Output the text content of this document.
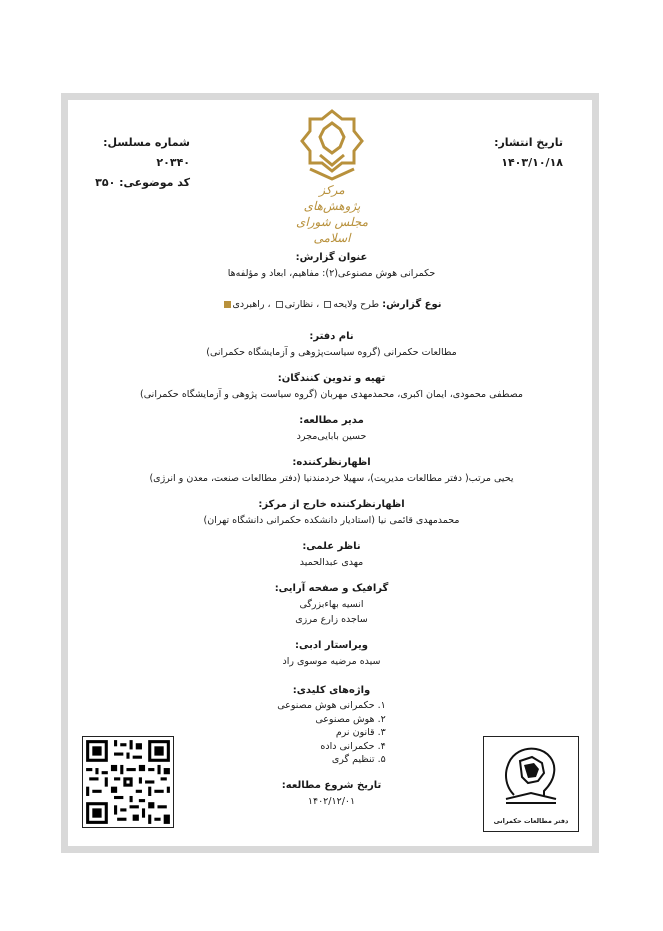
تاریخ انتشار:
۱۴۰۳/۱۰/۱۸
شماره مسلسل: ۲۰۳۴۰
کد موضوعی: ۳۵۰
مرکز پژوهش‌های
مجلس شورای اسلامی
عنوان گزارش:
حکمرانی هوش مصنوعی(۲): مفاهیم، ابعاد و مؤلفه‌ها
نوع گزارش: طرح ولایحه ، نظارتی ، راهبردی
نام دفتر:
مطالعات حکمرانی (گروه سیاست‌پژوهی و آزمایشگاه حکمرانی)
تهیه و تدوین کنندگان:
مصطفی محمودی، ایمان اکبری، محمدمهدی مهربان (گروه سیاست پژوهی و آزمایشگاه حکمرانی)
مدیر مطالعه:
حسین بابایی‌مجرد
اظهارنظرکننده:
یحیی مرتب( دفتر مطالعات مدیریت)، سهیلا خردمندنیا (دفتر مطالعات صنعت، معدن و انرژی)
اظهارنظرکننده خارج از مرکز:
محمدمهدی قائمی نیا (استادیار دانشکده حکمرانی دانشگاه تهران)
ناظر علمی:
مهدی عبدالحمید
گرافیک و صفحه آرایی:
انسیه بهاءبزرگی
ساجده زارع مرزی
ویراستار ادبی:
سیده مرضیه موسوی راد
واژه‌های کلیدی:
۱. حکمرانی هوش مصنوعی
۲. هوش مصنوعی
۳. قانون نرم
۴. حکمرانی داده
۵. تنظیم گری
تاریخ شروع مطالعه:
۱۴۰۲/۱۲/۰۱
دفتر مطالعات حکمرانی
